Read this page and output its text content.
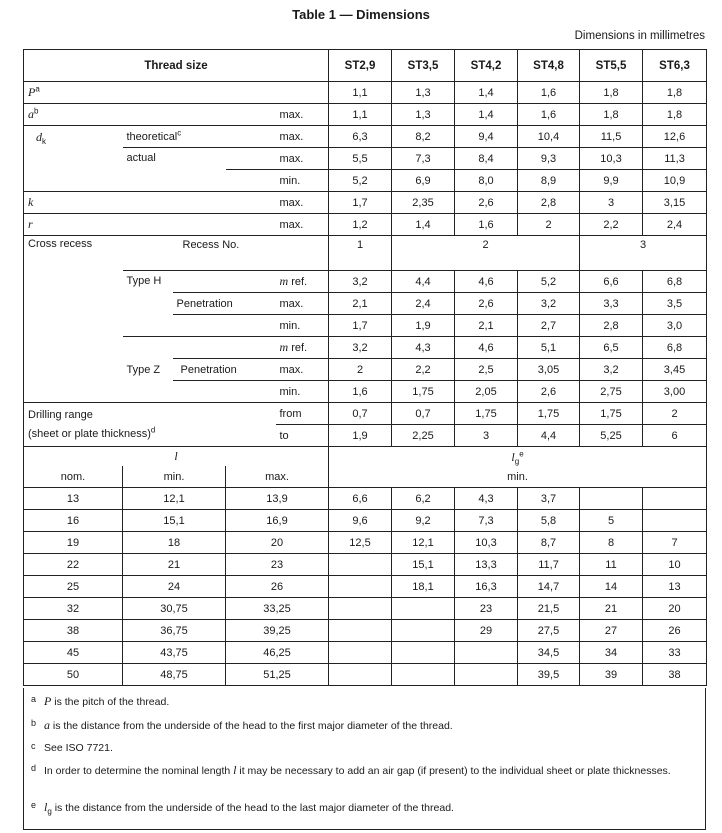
Table 1 — Dimensions
Dimensions in millimetres
Thread size					ST2,9	ST3,5	ST4,2	ST4,8	ST5,5	ST6,3
$P^a$					1,1	1,3	1,4	1,6	1,8	1,8
$a^b$				max.	1,1	1,3	1,4	1,6	1,8	1,8
$d_k$	theoretical$^c$			max.	6,3	8,2	9,4	10,4	11,5	12,6
	actual			max.	5,5	7,3	8,4	9,3	10,3	11,3
				min.	5,2	6,9	8,0	8,9	9,9	10,9
k				max.	1,7	2,35	2,6	2,8	3	3,15
r				max.	1,2	1,4	1,6	2	2,2	2,4
Cross recess	Recess No.				1	2			3	
	Type H			m ref.	3,2	4,4	4,6	5,2	6,6	6,8
		Penetration		max.	2,1	2,4	2,6	3,2	3,3	3,5
				min.	1,7	1,9	2,1	2,7	2,8	3,0
	Type Z			m ref.	3,2	4,3	4,6	5,1	6,5	6,8
		Penetration		max.	2	2,2	2,5	3,05	3,2	3,45
				min.	1,6	1,75	2,05	2,6	2,75	3,00
Drilling range
(sheet or plate thickness)$^d$				from	0,7	0,7	1,75	1,75	1,75	2
				to	1,9	2,25	3	4,4	5,25	6
l					$l_g^e$
min.					
nom.	min.		max.							
13	12,1		13,9		6,6	6,2	4,3	3,7		
16	15,1		16,9		9,6	9,2	7,3	5,8	5	
19	18		20		12,5	12,1	10,3	8,7	8	7
22	21		23			15,1	13,3	11,7	11	10
25	24		26			18,1	16,3	14,7	14	13
32	30,75		33,25				23	21,5	21	20
38	36,75		39,25				29	27,5	27	26
45	43,75		46,25					34,5	34	33
50	48,75		51,25					39,5	39	38
a P is the pitch of the thread.
b a is the distance from the underside of the head to the first major diameter of the thread.
c See ISO 7721.
d In order to determine the nominal length l it may be necessary to add an air gap (if present) to the individual sheet or plate thicknesses.
e $l_g$ is the distance from the underside of the head to the last major diameter of the thread.
